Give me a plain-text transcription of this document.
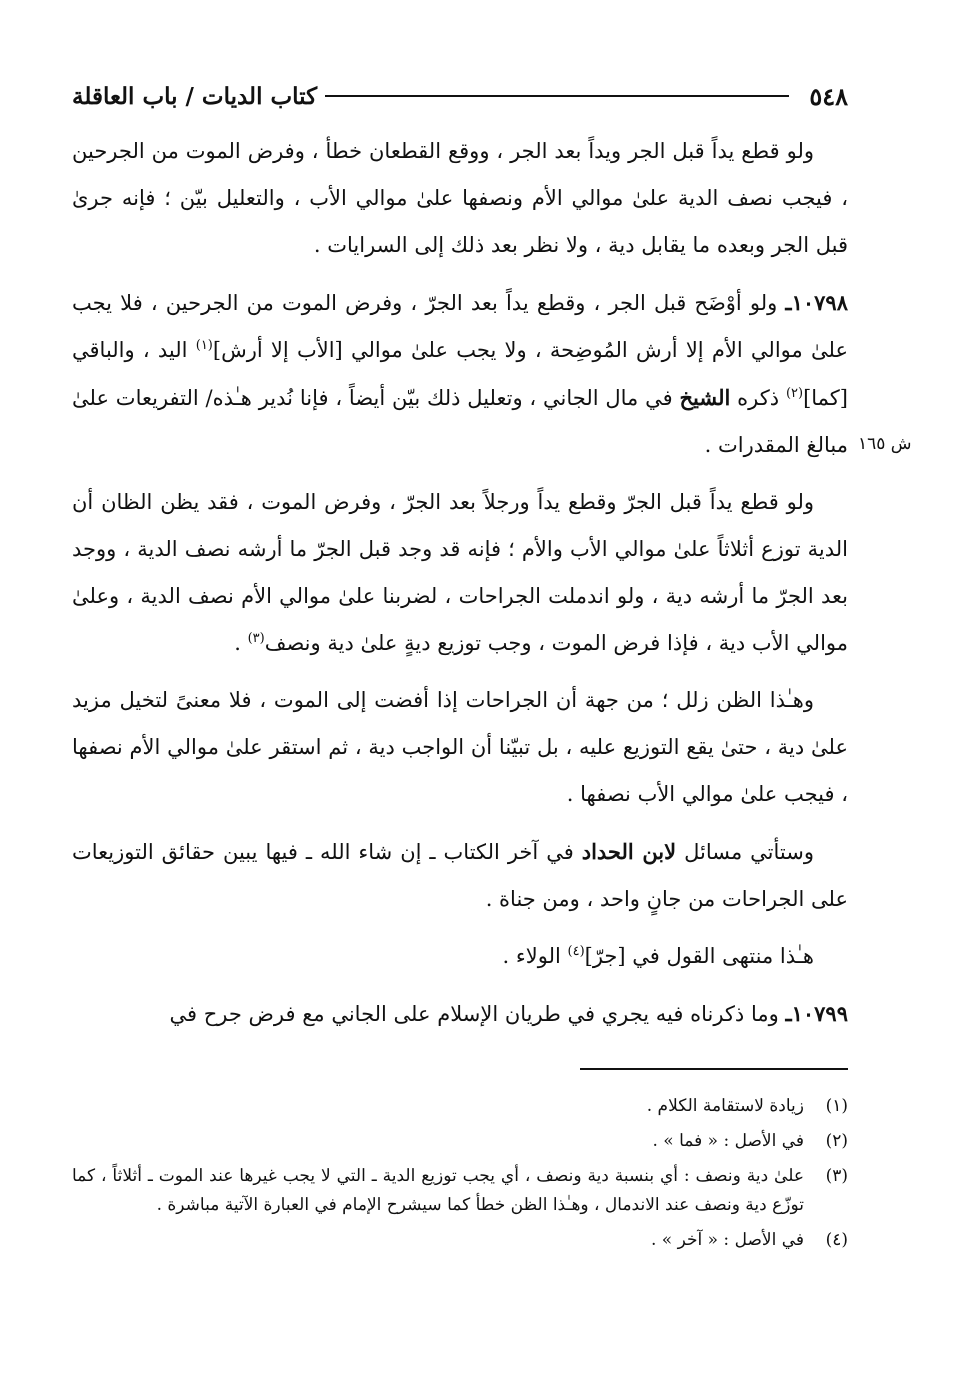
٥٤٨
كتاب الديات / باب العاقلة
ش ١٦٥

ولو قطع يداً قبل الجر ويداً بعد الجر ، ووقع القطعان خطأ ، وفرض الموت من الجرحين ، فيجب نصف الدية علىٰ موالي الأم ونصفها علىٰ موالي الأب ، والتعليل بيّن ؛ فإنه جرىٰ قبل الجر وبعده ما يقابل دية ، ولا نظر بعد ذلك إلى السرايات .

١٠٧٩٨ـ ولو أوْضَح قبل الجر ، وقطع يداً بعد الجرّ ، وفرض الموت من الجرحين ، فلا يجب علىٰ موالي الأم إلا أرش المُوضِحة ، ولا يجب علىٰ موالي [الأب إلا أرش]$^{(١)}$ اليد ، والباقي [كما]$^{(٢)}$ ذكره الشيخ في مال الجاني ، وتعليل ذلك بيّن أيضاً ، فإنا نُدير هـٰذه/ التفريعات علىٰ مبالغ المقدرات .

ولو قطع يداً قبل الجرّ وقطع يداً ورجلاً بعد الجرّ ، وفرض الموت ، فقد يظن الظان أن الدية توزع أثلاثاً علىٰ موالي الأب والأم ؛ فإنه قد وجد قبل الجرّ ما أرشه نصف الدية ، ووجد بعد الجرّ ما أرشه دية ، ولو اندملت الجراحات ، لضربنا علىٰ موالي الأم نصف الدية ، وعلىٰ موالي الأب دية ، فإذا فرض الموت ، وجب توزيع ديةٍ علىٰ دية ونصف$^{(٣)}$ .

وهـٰذا الظن زلل ؛ من جهة أن الجراحات إذا أفضت إلى الموت ، فلا معنىً لتخيل مزيد علىٰ دية ، حتىٰ يقع التوزيع عليه ، بل تبيّنا أن الواجب دية ، ثم استقر علىٰ موالي الأم نصفها ، فيجب علىٰ موالي الأب نصفها .

وستأتي مسائل لابن الحداد في آخر الكتاب ـ إن شاء الله ـ فيها يبين حقائق التوزيعات على الجراحات من جانٍ واحد ، ومن جناة .

هـٰذا منتهى القول في [جرّ]$^{(٤)}$ الولاء .

١٠٧٩٩ـ وما ذكرناه فيه يجري في طريان الإسلام على الجاني مع فرض جرح في

(١)
زيادة لاستقامة الكلام .
(٢)
في الأصل : « فما » .
(٣)
علىٰ دية ونصف : أي بنسبة دية ونصف ، أي يجب توزيع الدية ـ التي لا يجب غيرها عند الموت ـ أثلاثاً ، كما توزّع دية ونصف عند الاندمال ، وهـٰذا الظن خطأ كما سيشرح الإمام في العبارة الآتية مباشرة .
(٤)
في الأصل : « آخر » .
